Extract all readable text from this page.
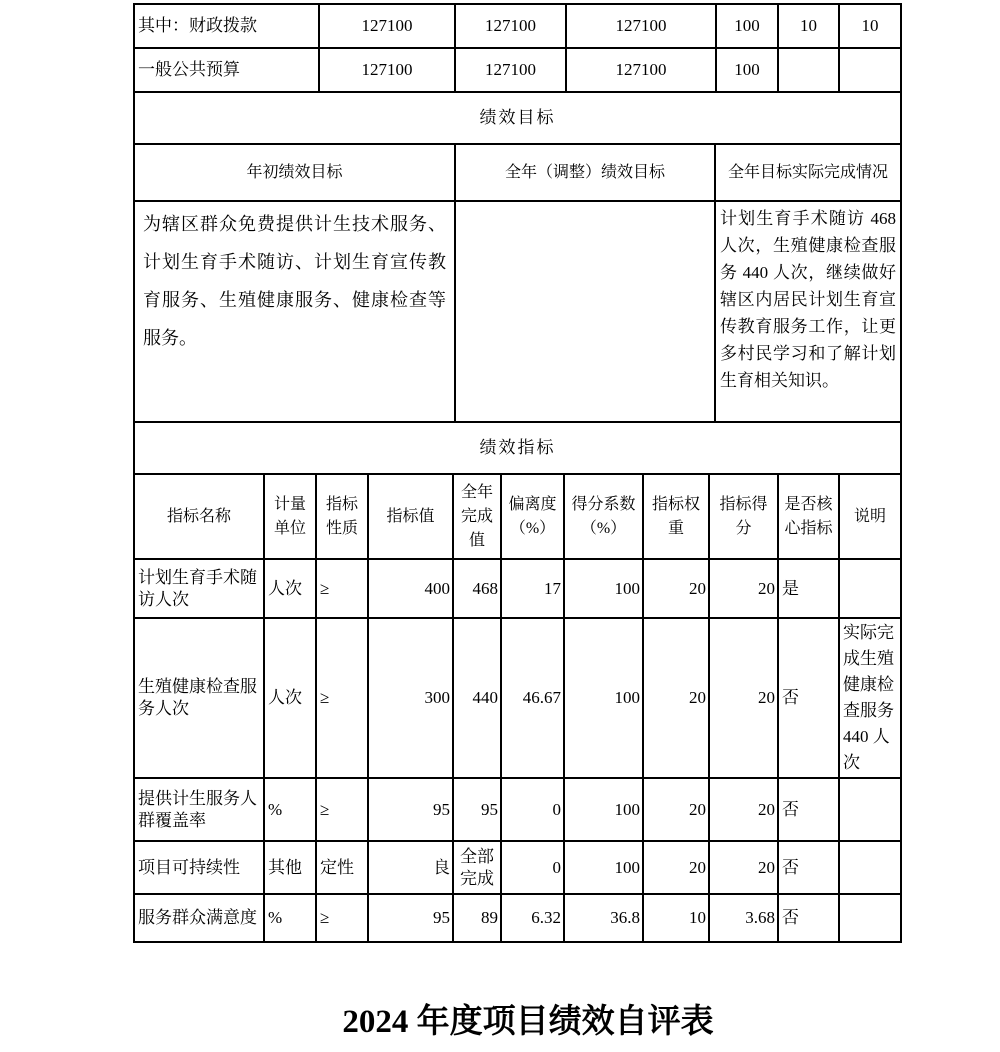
其中：财政拨款	127100	127100	127100	100	10	10
一般公共预算	127100	127100	127100	100		
绩效目标		
年初绩效目标	全年（调整）绩效目标	全年目标实际完成情况
为辖区群众免费提供计生技术服务、计划生育手术随访、计划生育宣传教育服务、生殖健康服务、健康检查等服务。		计划生育手术随访 468 人次，生殖健康检查服务 440 人次，继续做好辖区内居民计划生育宣传教育服务工作，让更多村民学习和了解计划生育相关知识。
绩效指标										
指标名称	计量单位	指标性质	指标值	全年完成值	偏离度（%）	得分系数（%）	指标权重	指标得分	是否核心指标	说明
计划生育手术随访人次	人次	≥	400	468	17	100	20	20	是	
生殖健康检查服务人次	人次	≥	300	440	46.67	100	20	20	否	实际完成生殖健康检查服务 440 人次
提供计生服务人群覆盖率	%	≥	95	95	0	100	20	20	否	
项目可持续性	其他	定性	良	全部完成	0	100	20	20	否	
服务群众满意度	%	≥	95	89	6.32	36.8	10	3.68	否	
2024 年度项目绩效自评表
